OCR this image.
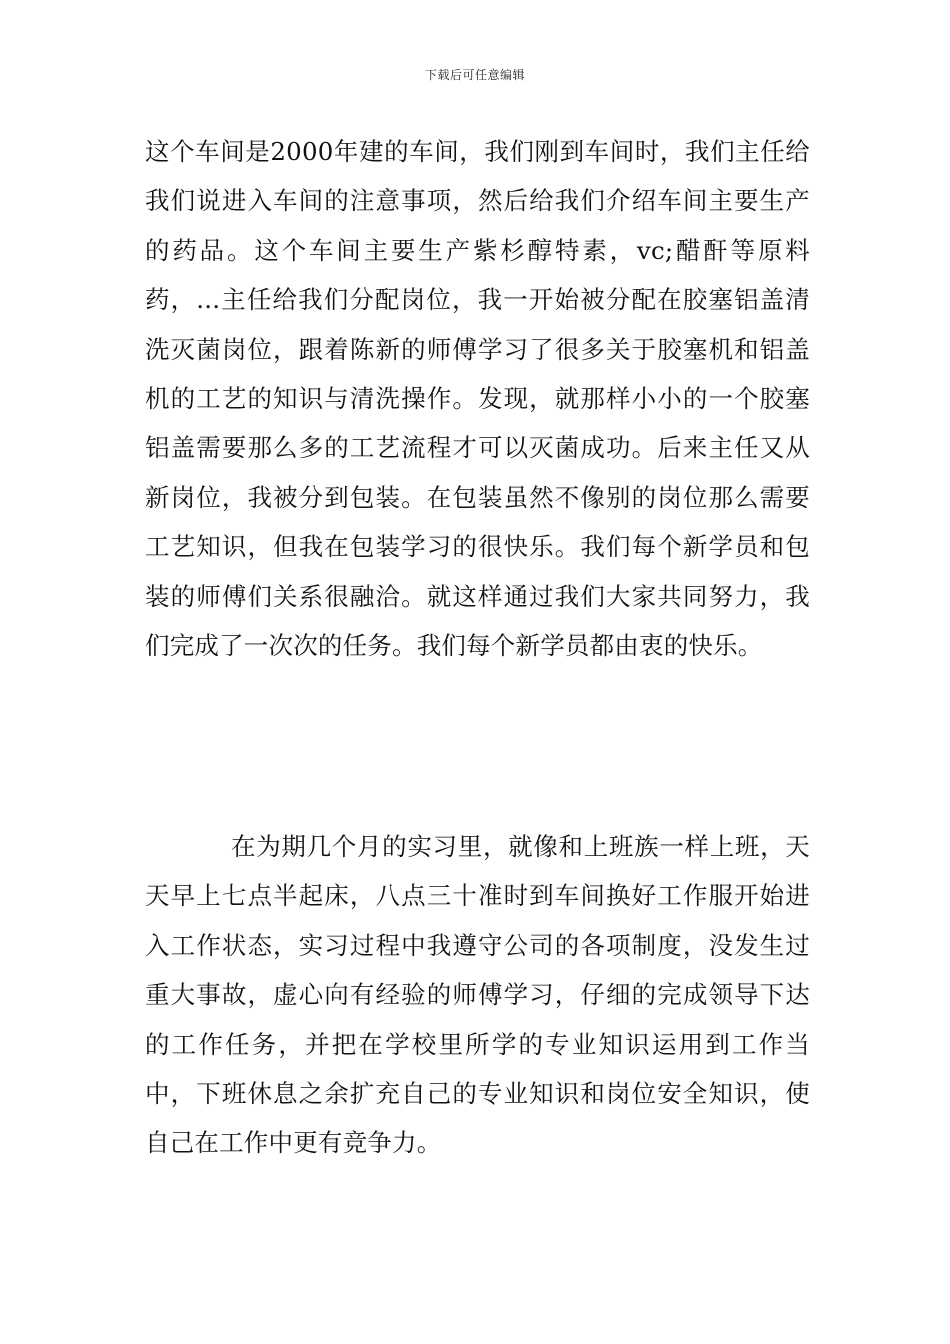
下载后可任意编辑

这个车间是2000年建的车间，我们刚到车间时，我们主任给我们说进入车间的注意事项，然后给我们介绍车间主要生产的药品。这个车间主要生产紫杉醇特素，vc;醋酐等原料药，...主任给我们分配岗位，我一开始被分配在胶塞铝盖清洗灭菌岗位，跟着陈新的师傅学习了很多关于胶塞机和铝盖机的工艺的知识与清洗操作。发现，就那样小小的一个胶塞铝盖需要那么多的工艺流程才可以灭菌成功。后来主任又从新岗位，我被分到包装。在包装虽然不像别的岗位那么需要工艺知识，但我在包装学习的很快乐。我们每个新学员和包装的师傅们关系很融洽。就这样通过我们大家共同努力，我们完成了一次次的任务。我们每个新学员都由衷的快乐。

在为期几个月的实习里，就像和上班族一样上班，天天早上七点半起床，八点三十准时到车间换好工作服开始进入工作状态，实习过程中我遵守公司的各项制度，没发生过重大事故，虚心向有经验的师傅学习，仔细的完成领导下达的工作任务，并把在学校里所学的专业知识运用到工作当中，下班休息之余扩充自己的专业知识和岗位安全知识，使自己在工作中更有竞争力。
